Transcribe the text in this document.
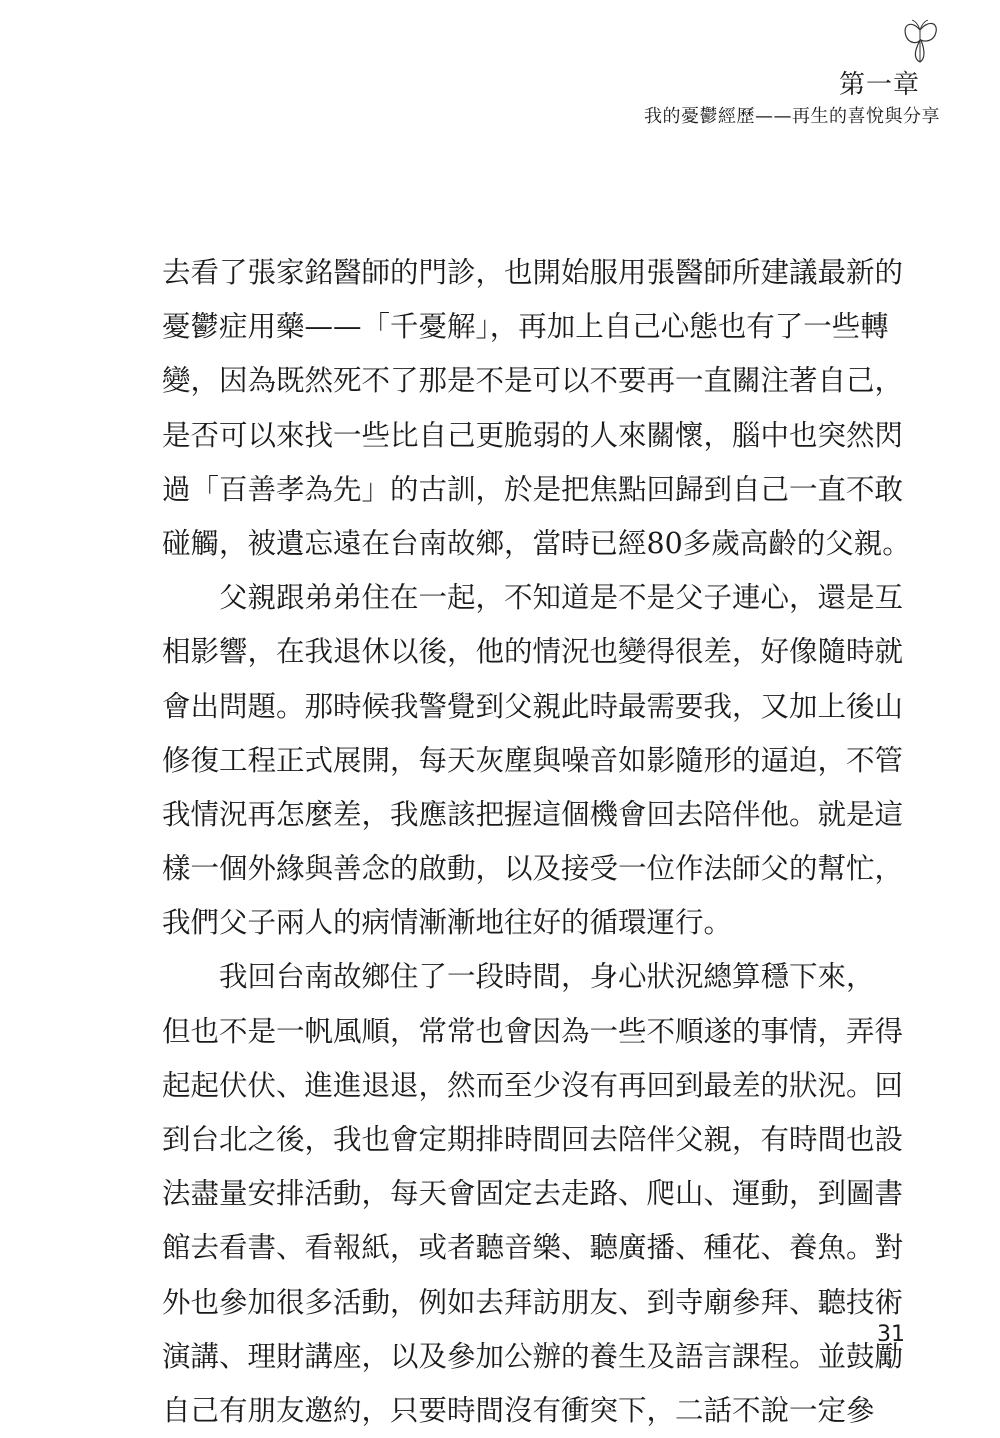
第一章
我的憂鬱經歷——再生的喜悅與分享
去看了張家銘醫師的門診，也開始服用張醫師所建議最新的
憂鬱症用藥——「千憂解」，再加上自己心態也有了一些轉
變，因為既然死不了那是不是可以不要再一直關注著自己，
是否可以來找一些比自己更脆弱的人來關懷，腦中也突然閃
過「百善孝為先」的古訓，於是把焦點回歸到自己一直不敢
碰觸，被遺忘遠在台南故鄉，當時已經80多歲高齡的父親。
　　父親跟弟弟住在一起，不知道是不是父子連心，還是互
相影響，在我退休以後，他的情況也變得很差，好像隨時就
會出問題。那時候我警覺到父親此時最需要我，又加上後山
修復工程正式展開，每天灰塵與噪音如影隨形的逼迫，不管
我情況再怎麼差，我應該把握這個機會回去陪伴他。就是這
樣一個外緣與善念的啟動，以及接受一位作法師父的幫忙，
我們父子兩人的病情漸漸地往好的循環運行。
　　我回台南故鄉住了一段時間，身心狀況總算穩下來，
但也不是一帆風順，常常也會因為一些不順遂的事情，弄得
起起伏伏、進進退退，然而至少沒有再回到最差的狀況。回
到台北之後，我也會定期排時間回去陪伴父親，有時間也設
法盡量安排活動，每天會固定去走路、爬山、運動，到圖書
館去看書、看報紙，或者聽音樂、聽廣播、種花、養魚。對
外也參加很多活動，例如去拜訪朋友、到寺廟參拜、聽技術
演講、理財講座，以及參加公辦的養生及語言課程。並鼓勵
自己有朋友邀約，只要時間沒有衝突下，二話不說一定參
31
